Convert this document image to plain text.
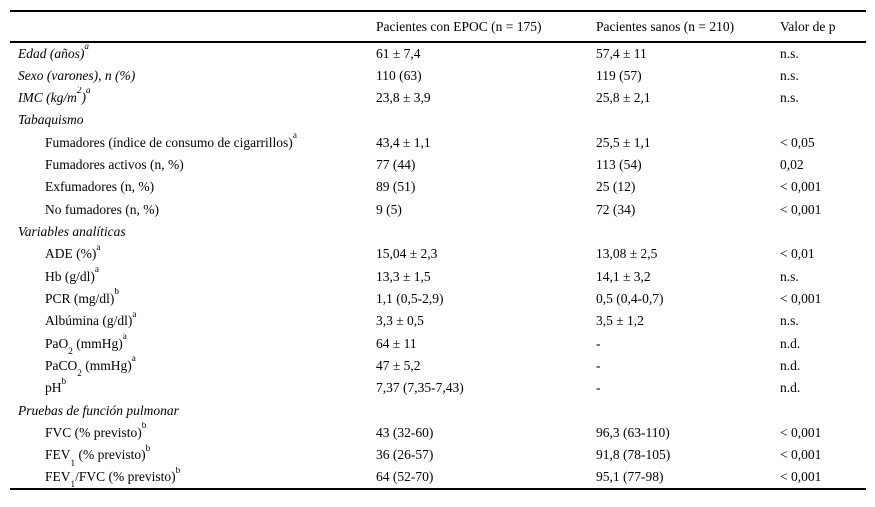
	Pacientes con EPOC (n = 175)	Pacientes sanos (n = 210)	Valor de p
Edad (años)$^a$	61 ± 7,4	57,4 ± 11	n.s.
Sexo (varones), n (%)	110 (63)	119 (57)	n.s.
IMC $(kg/m^2)^a$	23,8 ± 3,9	25,8 ± 2,1	n.s.
Tabaquismo			
Fumadores (índice de consumo de cigarrillos)$^a$	43,4 ± 1,1	25,5 ± 1,1	< 0,05
Fumadores activos (n, %)	77 (44)	113 (54)	0,02
Exfumadores (n, %)	89 (51)	25 (12)	< 0,001
No fumadores (n, %)	9 (5)	72 (34)	< 0,001
Variables analíticas			
ADE (%)$^a$	15,04 ± 2,3	13,08 ± 2,5	< 0,01
Hb $(g/dl)^a$	13,3 ± 1,5	14,1 ± 3,2	n.s.
PCR $(mg/dl)^b$	1,1 (0,5-2,9)	0,5 (0,4-0,7)	< 0,001
Albúmina $(g/dl)^a$	3,3 ± 0,5	3,5 ± 1,2	n.s.
PaO$_2$ (mmHg)$^a$	64 ± 11	-	n.d.
PaCO$_2$ (mmHg)$^a$	47 ± 5,2	-	n.d.
$pH^b$	7,37 (7,35-7,43)	-	n.d.
Pruebas de función pulmonar			
FVC (% previsto)$^b$	43 (32-60)	96,3 (63-110)	< 0,001
$FEV_1$ (% previsto)$^b$	36 (26-57)	91,8 (78-105)	< 0,001
$FEV_1$/FVC (% previsto)$^b$	64 (52-70)	95,1 (77-98)	< 0,001
